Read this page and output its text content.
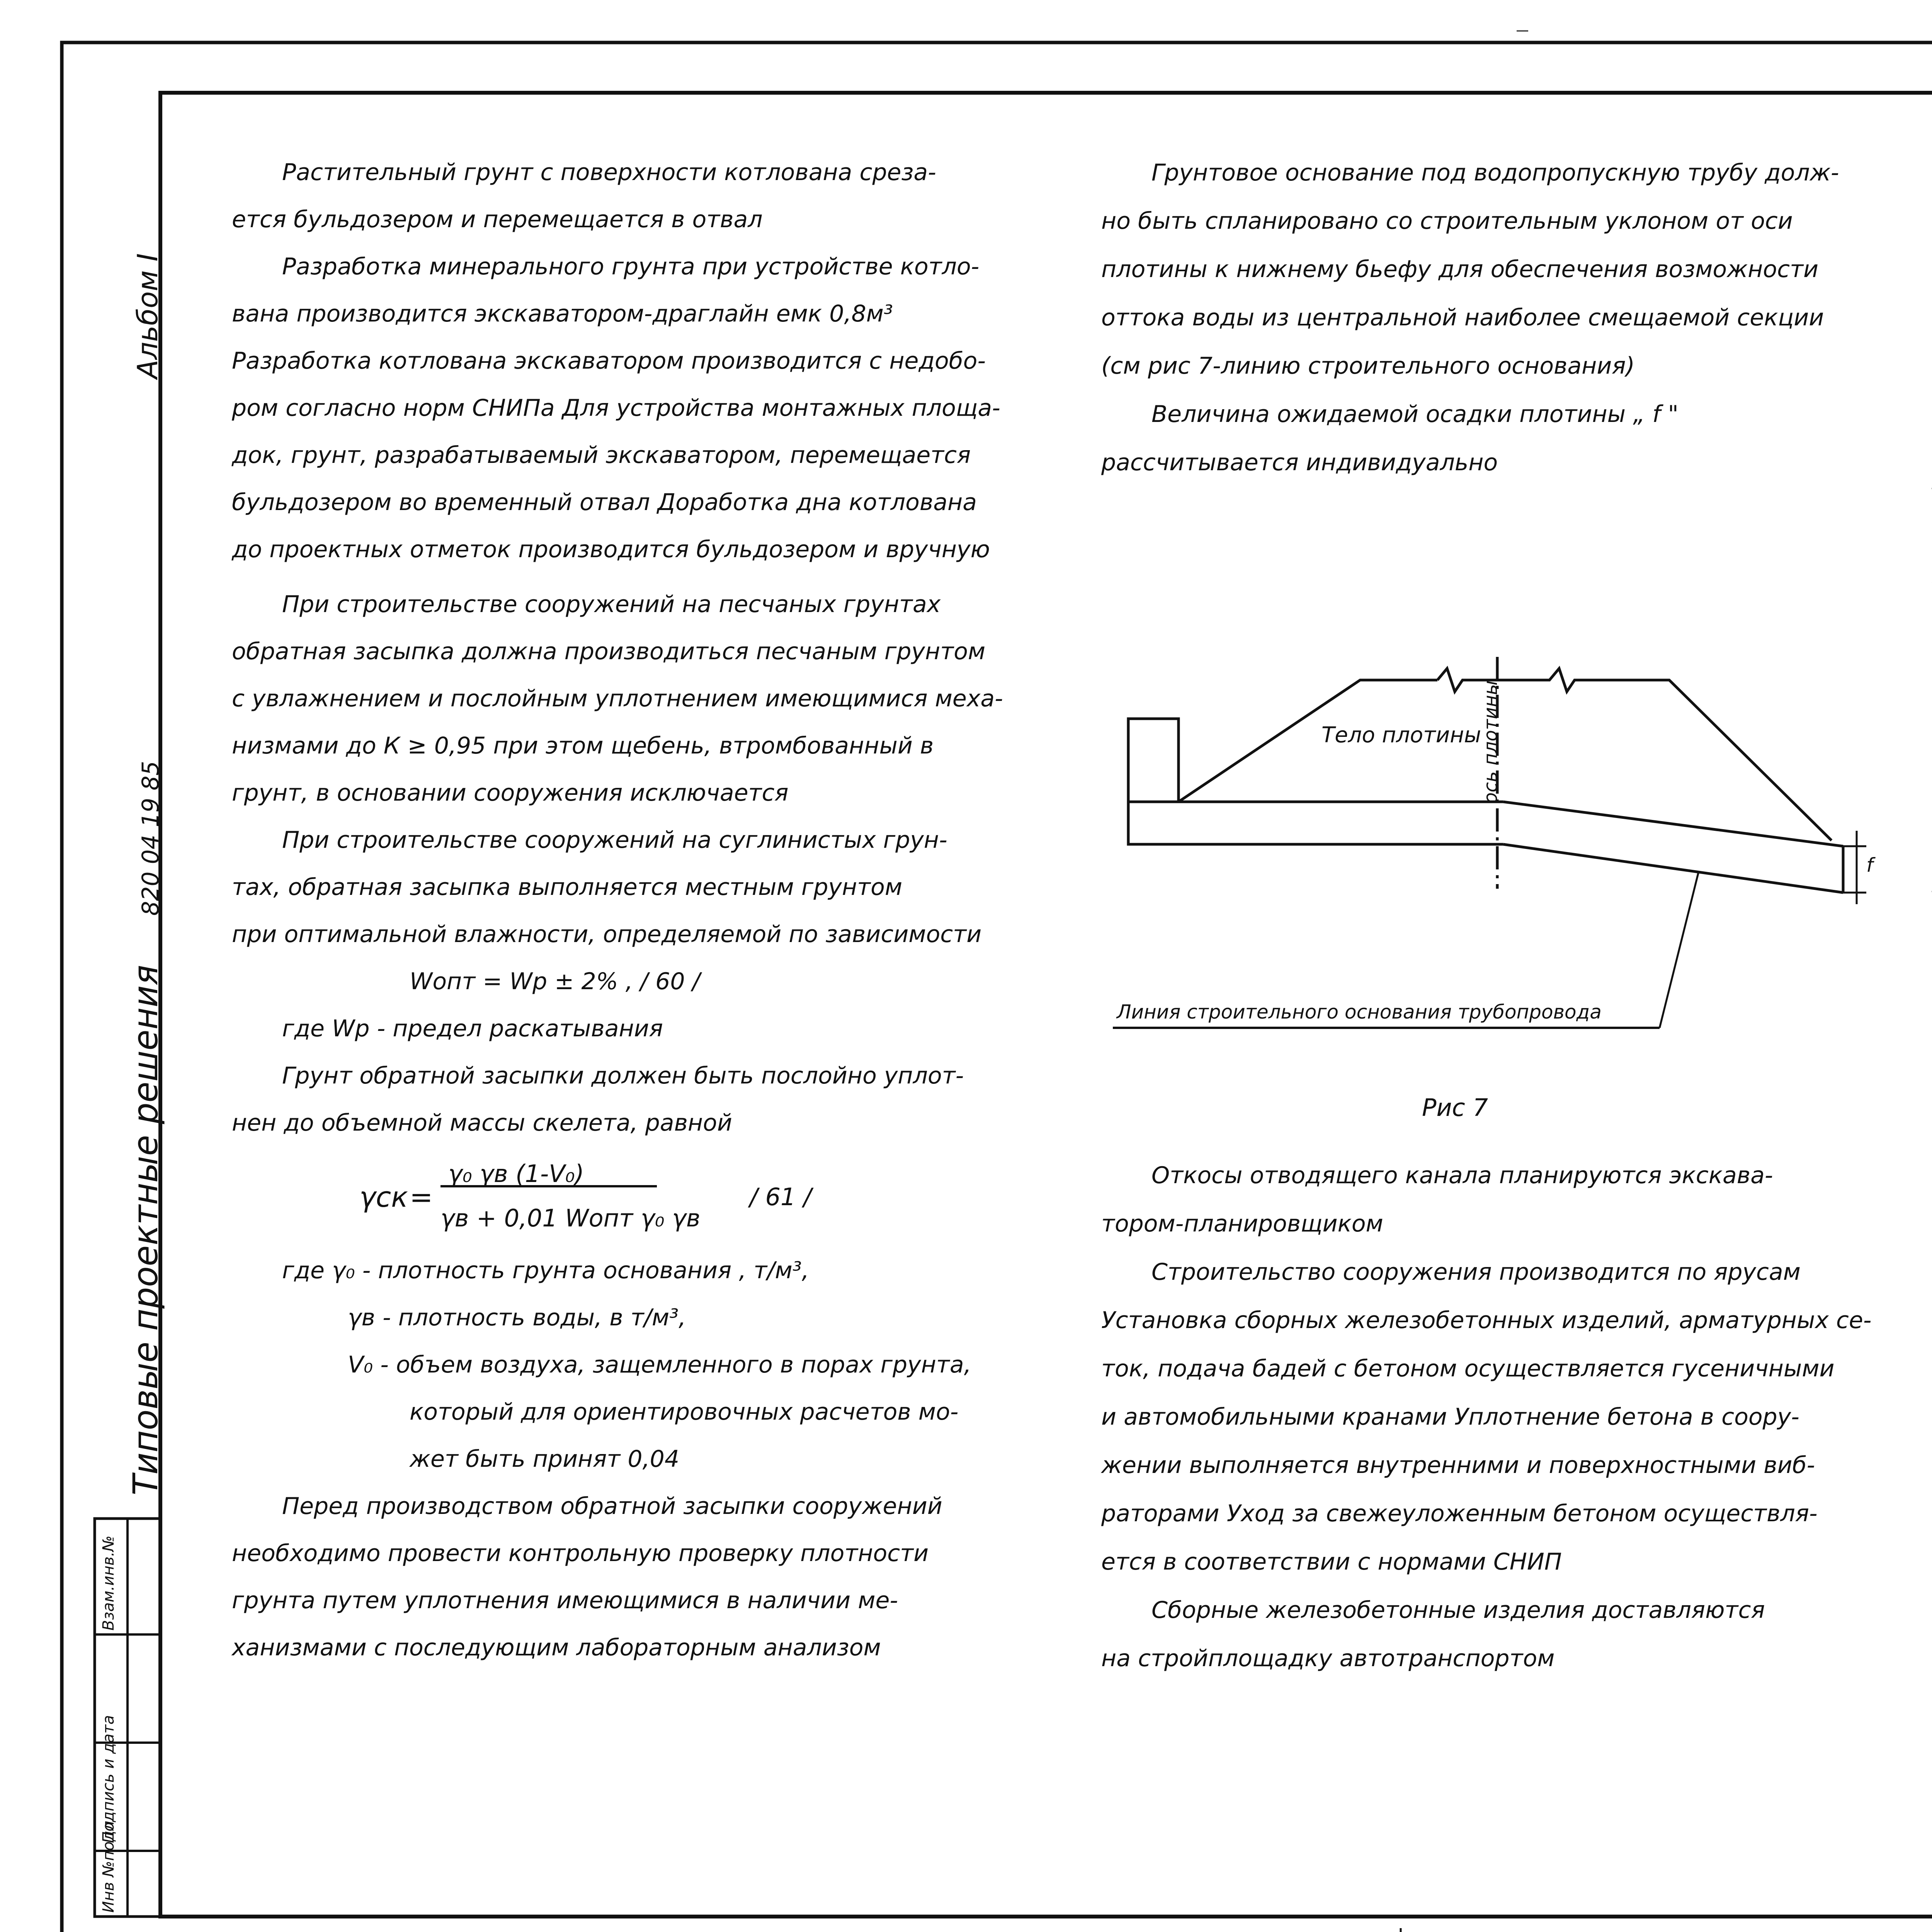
Альбом I
820 04 19 85
Типовые проектные решения
Инв №подл
Подпись и дата
Взам.инв.№

Растительный грунт с поверхности котлована среза-

ется бульдозером и перемещается в отвал

Разработка минерального грунта при устройстве котло-

вана производится экскаватором-драглайн емк 0,8м³

Разработка котлована экскаватором производится с недобо-

ром согласно норм СНИПа Для устройства монтажных площа-

док, грунт, разрабатываемый экскаватором, перемещается

бульдозером во временный отвал Доработка дна котлована

до проектных отметок производится бульдозером и вручную

При строительстве сооружений на песчаных грунтах

обратная засыпка должна производиться песчаным грунтом

с увлажнением и послойным уплотнением имеющимися меха-

низмами до К ≥ 0,95 при этом щебень, втромбованный в

грунт, в основании сооружения исключается

При строительстве сооружений на суглинистых грун-

тах, обратная засыпка выполняется местным грунтом

при оптимальной влажности, определяемой по зависимости

Wопт = Wp ± 2% , / 60 /

где Wp - предел раскатывания

Грунт обратной засыпки должен быть послойно уплот-

нен до объемной массы скелета, равной

γск =
γ₀ γв (1-V₀)
γв + 0,01 Wопт γ₀ γв
/ 61 /

где γ₀ - плотность грунта основания , т/м³,

γв - плотность воды, в т/м³,

V₀ - объем воздуха, защемленного в порах грунта,

который для ориентировочных расчетов мо-

жет быть принят 0,04

Перед производством обратной засыпки сооружений

необходимо провести контрольную проверку плотности

грунта путем уплотнения имеющимися в наличии ме-

ханизмами с последующим лабораторным анализом

Грунтовое основание под водопропускную трубу долж-

но быть спланировано со строительным уклоном от оси

плотины к нижнему бьефу для обеспечения возможности

оттока воды из центральной наиболее смещаемой секции

(см рис 7-линию строительного основания)

Величина ожидаемой осадки плотины „ f "

рассчитывается индивидуально

Тело плотины
ось плотины
f
Линия строительного основания трубопровода
Рис 7

Откосы отводящего канала планируются экскава-

тором-планировщиком

Строительство сооружения производится по ярусам

Установка сборных железобетонных изделий, арматурных се-

ток, подача бадей с бетоном осуществляется гусеничными

и автомобильными кранами Уплотнение бетона в соору-

жении выполняется внутренними и поверхностными виб-

раторами Уход за свежеуложенным бетоном осуществля-

ется в соответствии с нормами СНИП

Сборные железобетонные изделия доставляются

на стройплощадку автотранспортом
